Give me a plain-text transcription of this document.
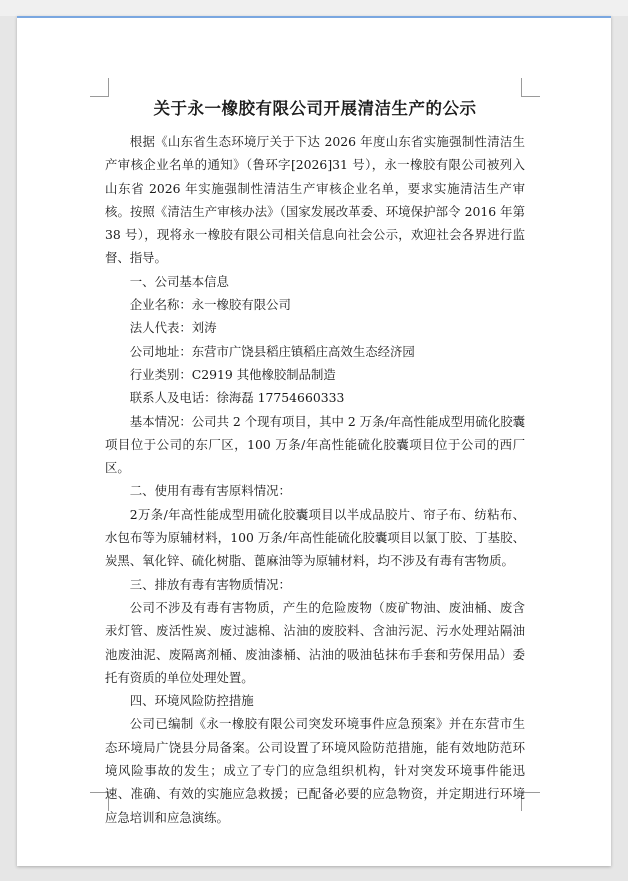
关于永一橡胶有限公司开展清洁生产的公示

根据《山东省生态环境厅关于下达 2026 年度山东省实施强制性清洁生产审核企业名单的通知》（鲁环字[2026]31 号），永一橡胶有限公司被列入山东省 2026 年实施强制性清洁生产审核企业名单，要求实施清洁生产审核。按照《清洁生产审核办法》（国家发展改革委、环境保护部令 2016 年第 38 号），现将永一橡胶有限公司相关信息向社会公示，欢迎社会各界进行监督、指导。

一、公司基本信息

企业名称：永一橡胶有限公司

法人代表：刘涛

公司地址：东营市广饶县稻庄镇稻庄高效生态经济园

行业类别：C2919 其他橡胶制品制造

联系人及电话：徐海磊 17754660333

基本情况：公司共 2 个现有项目，其中 2 万条/年高性能成型用硫化胶囊项目位于公司的东厂区，100 万条/年高性能硫化胶囊项目位于公司的西厂区。

二、使用有毒有害原料情况：

2万条/年高性能成型用硫化胶囊项目以半成品胶片、帘子布、纺粘布、水包布等为原辅材料，100 万条/年高性能硫化胶囊项目以氯丁胶、丁基胶、炭黑、氧化锌、硫化树脂、蓖麻油等为原辅材料，均不涉及有毒有害物质。

三、排放有毒有害物质情况：

公司不涉及有毒有害物质，产生的危险废物（废矿物油、废油桶、废含汞灯管、废活性炭、废过滤棉、沾油的废胶料、含油污泥、污水处理站隔油池废油泥、废隔离剂桶、废油漆桶、沾油的吸油毡抹布手套和劳保用品）委托有资质的单位处理处置。

四、环境风险防控措施

公司已编制《永一橡胶有限公司突发环境事件应急预案》并在东营市生态环境局广饶县分局备案。公司设置了环境风险防范措施，能有效地防范环境风险事故的发生；成立了专门的应急组织机构，针对突发环境事件能迅速、准确、有效的实施应急救援；已配备必要的应急物资，并定期进行环境应急培训和应急演练。
